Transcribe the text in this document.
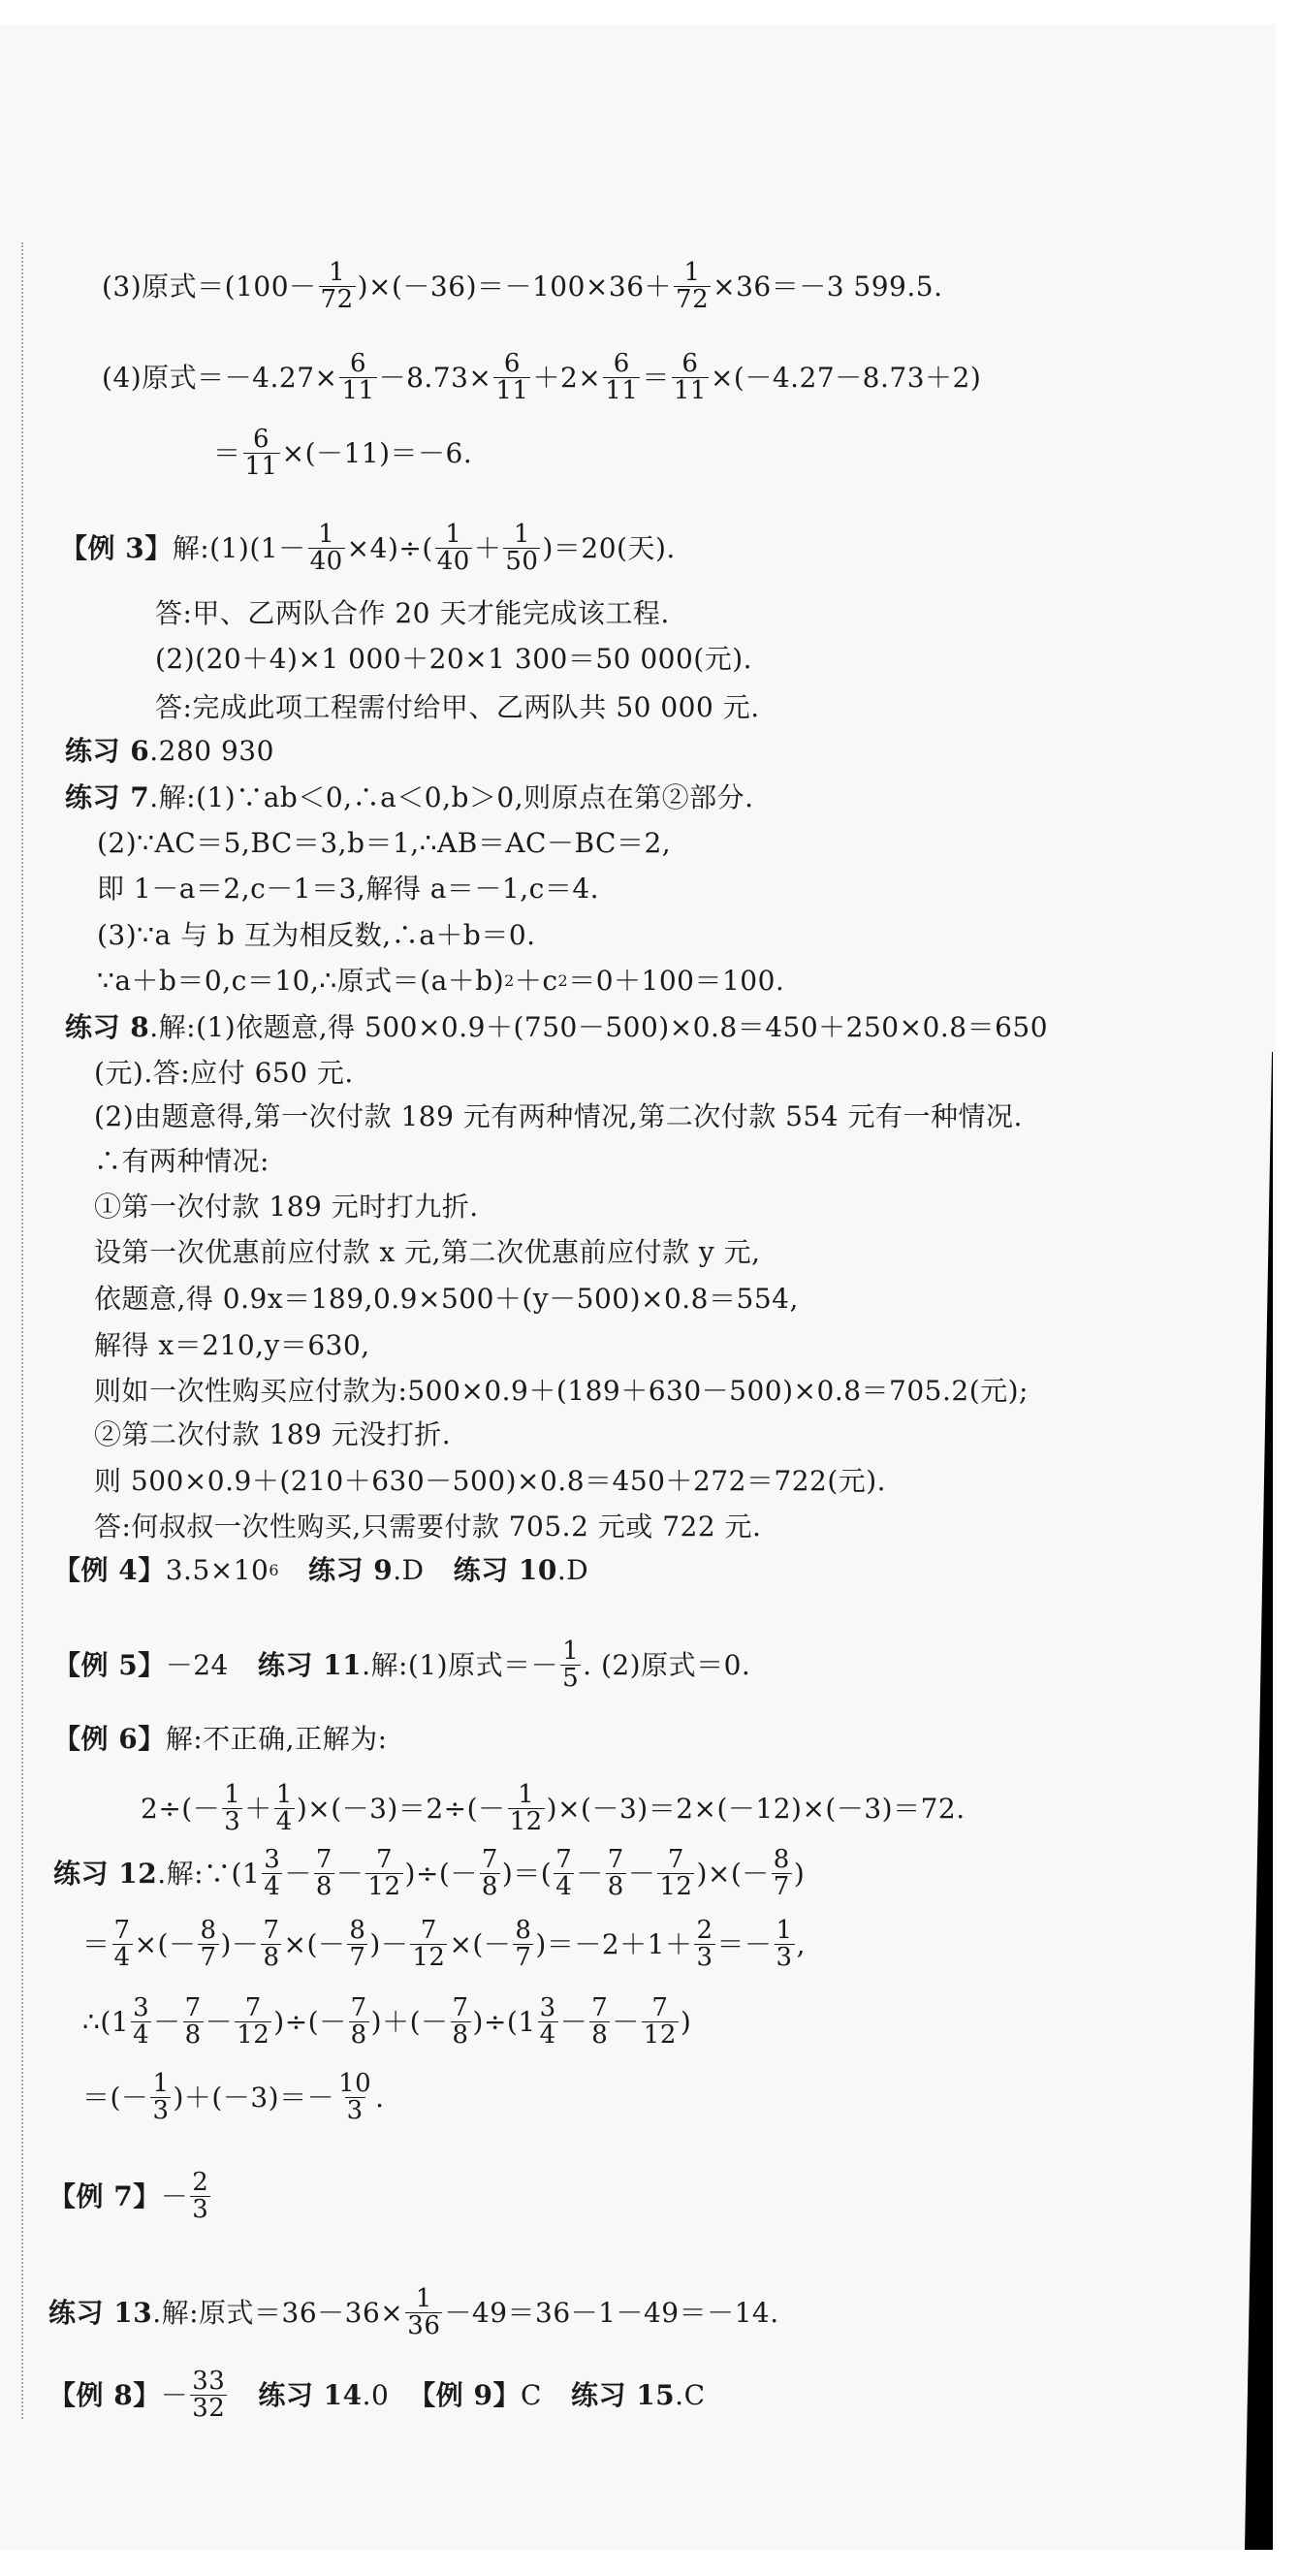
(3)原式$=(100- \frac{1}{72} )\times(-36)=-100\times 36+ \frac{1}{72} \times 36=-3$ 599.5.
(4)原式$=-4.27\times \frac{6}{11} -8.73\times \frac{6}{11} +2\times \frac{6}{11} = \frac{6}{11} \times(-4.27-8.73+2)$
＝ $\frac{6}{11} \times(-11)=-6$.
【例 3】 解:(1)(1－ $\frac{1}{40} \times 4)\div( \frac{1}{40} + \frac{1}{50} )=20$(天).
答:甲、乙两队合作 20 天才能完成该工程.
(2)(20＋4)×1 000＋20×1 300＝50 000(元).
答:完成此项工程需付给甲、乙两队共 50 000 元.
练习 6 .280 930
练习 7 .解:(1)∵ab＜0,∴a＜0,b＞0,则原点在第②部分.
(2)∵AC＝5,BC＝3,b＝1,∴AB＝AC－BC＝2,
即 1－a＝2,c－1＝3,解得 a＝－1,c＝4.
(3)∵a 与 b 互为相反数,∴a＋b＝0.
∵a＋b＝0,c＝10,∴原式＝(a＋b) 2 ＋c 2 ＝0＋100＝100.
练习 8 .解:(1)依题意,得 500×0.9＋(750－500)×0.8＝450＋250×0.8＝650
(元).答:应付 650 元.
(2)由题意得,第一次付款 189 元有两种情况,第二次付款 554 元有一种情况.
∴有两种情况:
①第一次付款 189 元时打九折.
设第一次优惠前应付款 x 元,第二次优惠前应付款 y 元,
依题意,得 0.9x＝189,0.9×500＋(y－500)×0.8＝554,
解得 x＝210,y＝630,
则如一次性购买应付款为:500×0.9＋(189＋630－500)×0.8＝705.2(元);
②第二次付款 189 元没打折.
则 500×0.9＋(210＋630－500)×0.8＝450＋272＝722(元).
答:何叔叔一次性购买,只需要付款 705.2 元或 722 元.
【例 4】 3.5×10 6 练习 9 .D 练习 10 .D
【例 5】 －24 练习 11 .解:(1)原式＝－ $\frac{1}{5}$ . (2)原式＝0.
【例 6】 解:不正确,正解为:
$2\div(- \frac{1}{3} + \frac{1}{4} )\times(-3)=2\div(- \frac{1}{12} )\times(-3)=2\times(-12)\times(-3)=72$.
练习 12 .解:∵(1 $\frac{3}{4} - \frac{7}{8} - \frac{7}{12}$ )÷(－ $\frac{7}{8}$ )＝( $\frac{7}{4} - \frac{7}{8} - \frac{7}{12}$ )×(－ $\frac{8}{7}$ )
＝ $\frac{7}{4}$ ×(－ $\frac{8}{7}$ )－ $\frac{7}{8}$ ×(－ $\frac{8}{7}$ )－ $\frac{7}{12}$ ×(－ $\frac{8}{7} )=-2+1+ \frac{2}{3} =- \frac{1}{3}$ ,
∴(1 $\frac{3}{4} - \frac{7}{8} - \frac{7}{12}$ )÷(－ $\frac{7}{8}$ )＋(－ $\frac{7}{8} )\div(1 \frac{3}{4} - \frac{7}{8} - \frac{7}{12}$ )
＝(－ $\frac{1}{3} )+(-3)=- \frac{10}{3}$ .
【例 7】 － $\frac{2}{3}$
练习 13 .解:原式$=36-36\times \frac{1}{36} -49=36-1-49=-14$.
【例 8】 － $\frac{33}{32}$ 练习 14 .0 【例 9】 C 练习 15 .C
